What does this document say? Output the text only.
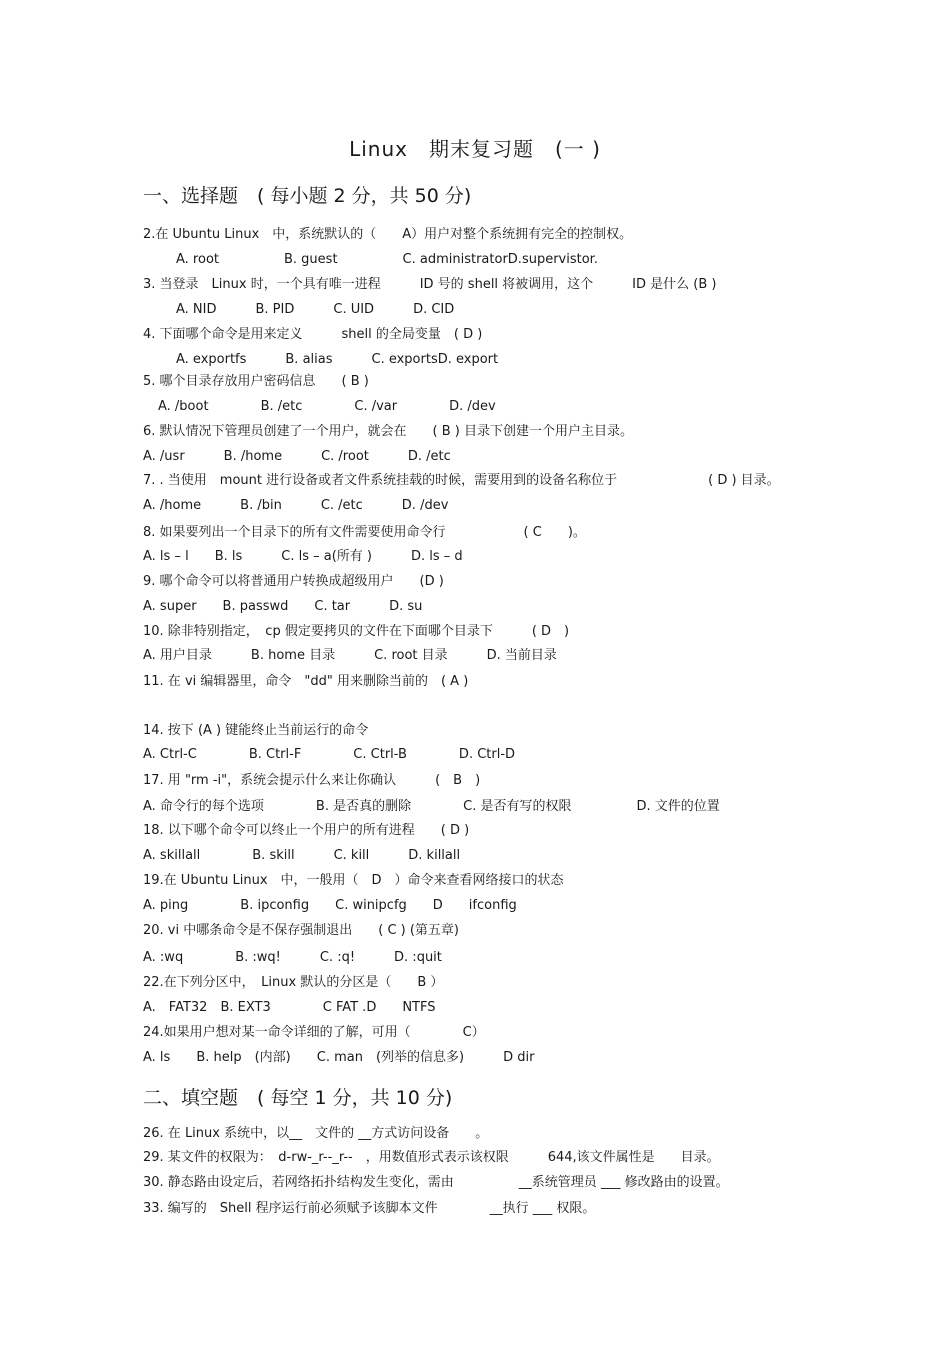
Linux　期末复习题　(一 )
一、选择题　( 每小题 2 分，共 50 分)
2.在 Ubuntu Linux　中，系统默认的（　　A）用户对整个系统拥有完全的控制权。
A. root　　　　　B. guest　　　　　C. administratorD.supervistor.
3. 当登录　Linux 时，一个具有唯一进程　　　ID 号的 shell 将被调用，这个　　　ID 是什么 (B )
A. NID　　　B. PID　　　C. UID　　　D. CID
4. 下面哪个命令是用来定义　　　shell 的全局变量　( D )
A. exportfs　　　B. alias　　　C. exportsD. export
5. 哪个目录存放用户密码信息　　( B )
A. /boot　　　　B. /etc　　　　C. /var　　　　D. /dev
6. 默认情况下管理员创建了一个用户，就会在　　( B ) 目录下创建一个用户主目录。
A. /usr　　　B. /home　　　C. /root　　　D. /etc
7. . 当使用　mount 进行设备或者文件系统挂载的时候，需要用到的设备名称位于　　　　　　　( D ) 目录。
A. /home　　　B. /bin　　　C. /etc　　　D. /dev
8. 如果要列出一个目录下的所有文件需要使用命令行　　　　　　( C　　)。
A. ls – l　　B. ls　　　C. ls – a(所有 )　　　D. ls – d
9. 哪个命令可以将普通用户转换成超级用户　　(D )
A. super　　B. passwd　　C. tar　　　D. su
10. 除非特别指定，　cp 假定要拷贝的文件在下面哪个目录下　　　( D　)
A. 用户目录　　　B. home 目录　　　C. root 目录　　　D. 当前目录
11. 在 vi 编辑器里，命令　"dd" 用来删除当前的　( A )
14. 按下 (A ) 键能终止当前运行的命令
A. Ctrl-C　　　　B. Ctrl-F　　　　C. Ctrl-B　　　　D. Ctrl-D
17. 用 "rm -i"，系统会提示什么来让你确认　　　(　B　)
A. 命令行的每个选项　　　　B. 是否真的删除　　　　C. 是否有写的权限　　　　　D. 文件的位置
18. 以下哪个命令可以终止一个用户的所有进程　　( D )
A. skillall　　　　B. skill　　　C. kill　　　D. killall
19.在 Ubuntu Linux　中，一般用（　D　）命令来查看网络接口的状态
A. ping　　　　B. ipconfig　　C. winipcfg　　D　　ifconfig
20. vi 中哪条命令是不保存强制退出　　( C ) (第五章)
A. :wq　　　　B. :wq!　　　C. :q!　　　D. :quit
22.在下列分区中，　Linux 默认的分区是（　　B ）
A.　FAT32　B. EXT3　　　　C FAT .D　　NTFS
24.如果用户想对某一命令详细的了解，可用（　　　　C）
A. ls　　B. help　(内部)　　C. man　(列举的信息多)　　　D dir
二、填空题　( 每空 1 分，共 10 分)
26. 在 Linux 系统中，以__　文件的 __方式访问设备　　。
29. 某文件的权限为：　d-rw-_r--_r--　，用数值形式表示该权限　　　644,该文件属性是　　目录。
30. 静态路由设定后，若网络拓扑结构发生变化，需由　　　　　__系统管理员 ___ 修改路由的设置。
33. 编写的　Shell 程序运行前必须赋予该脚本文件　　　　__执行 ___ 权限。
